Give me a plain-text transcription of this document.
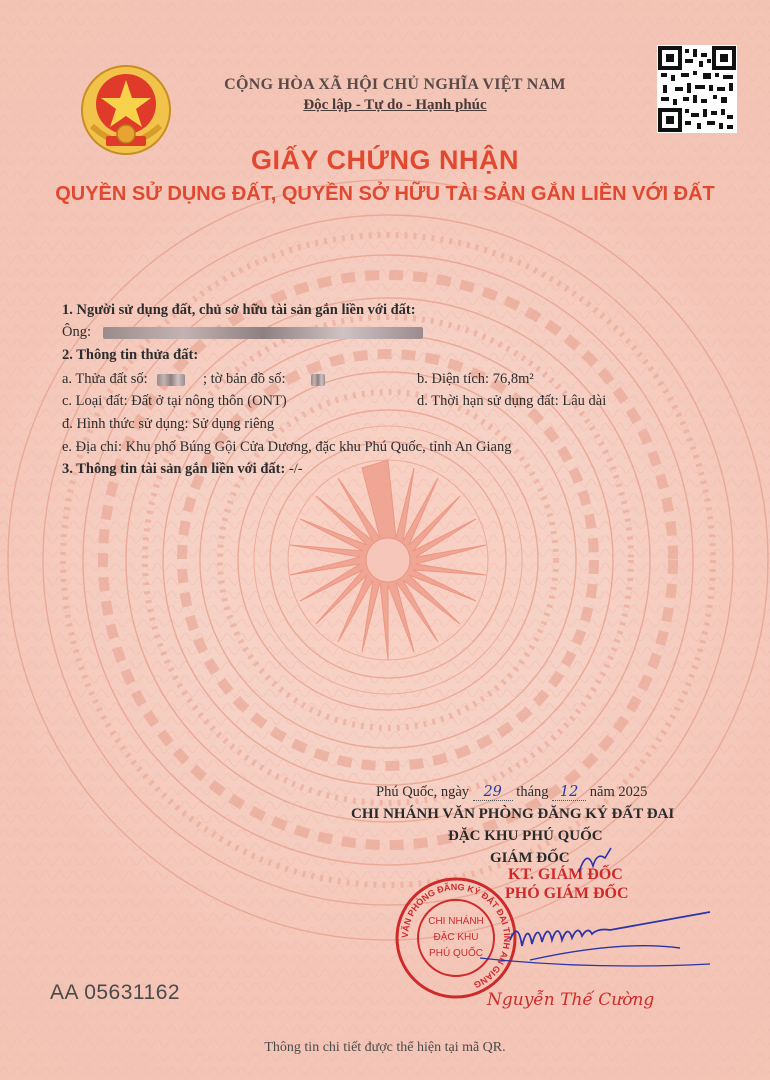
CỘNG HÒA XÃ HỘI CHỦ NGHĨA VIỆT NAM
Độc lập - Tự do - Hạnh phúc
GIẤY CHỨNG NHẬN
QUYỀN SỬ DỤNG ĐẤT, QUYỀN SỞ HỮU TÀI SẢN GẮN LIỀN VỚI ĐẤT
1. Người sử dụng đất, chủ sở hữu tài sản gắn liền với đất:
Ông:
2. Thông tin thửa đất:
a. Thửa đất số:	; tờ bản đồ số:	b. Diện tích: 76,8m²
c. Loại đất: Đất ở tại nông thôn (ONT)	d. Thời hạn sử dụng đất: Lâu dài
đ. Hình thức sử dụng: Sử dụng riêng
e. Địa chỉ: Khu phố Búng Gội Cửa Dương, đặc khu Phú Quốc, tỉnh An Giang
3. Thông tin tài sản gắn liền với đất: -/-
Phú Quốc, ngày 29 tháng 12 năm 2025
CHI NHÁNH VĂN PHÒNG ĐĂNG KÝ ĐẤT ĐAI
ĐẶC KHU PHÚ QUỐC
GIÁM ĐỐC
KT. GIÁM ĐỐC
PHÓ GIÁM ĐỐC
VĂN PHÒNG ĐĂNG KÝ ĐẤT ĐAI TỈNH AN GIANG
CHI NHÁNH
ĐẶC KHU
PHÚ QUỐC
Nguyễn Thế Cường
AA 05631162
Thông tin chi tiết được thể hiện tại mã QR.
